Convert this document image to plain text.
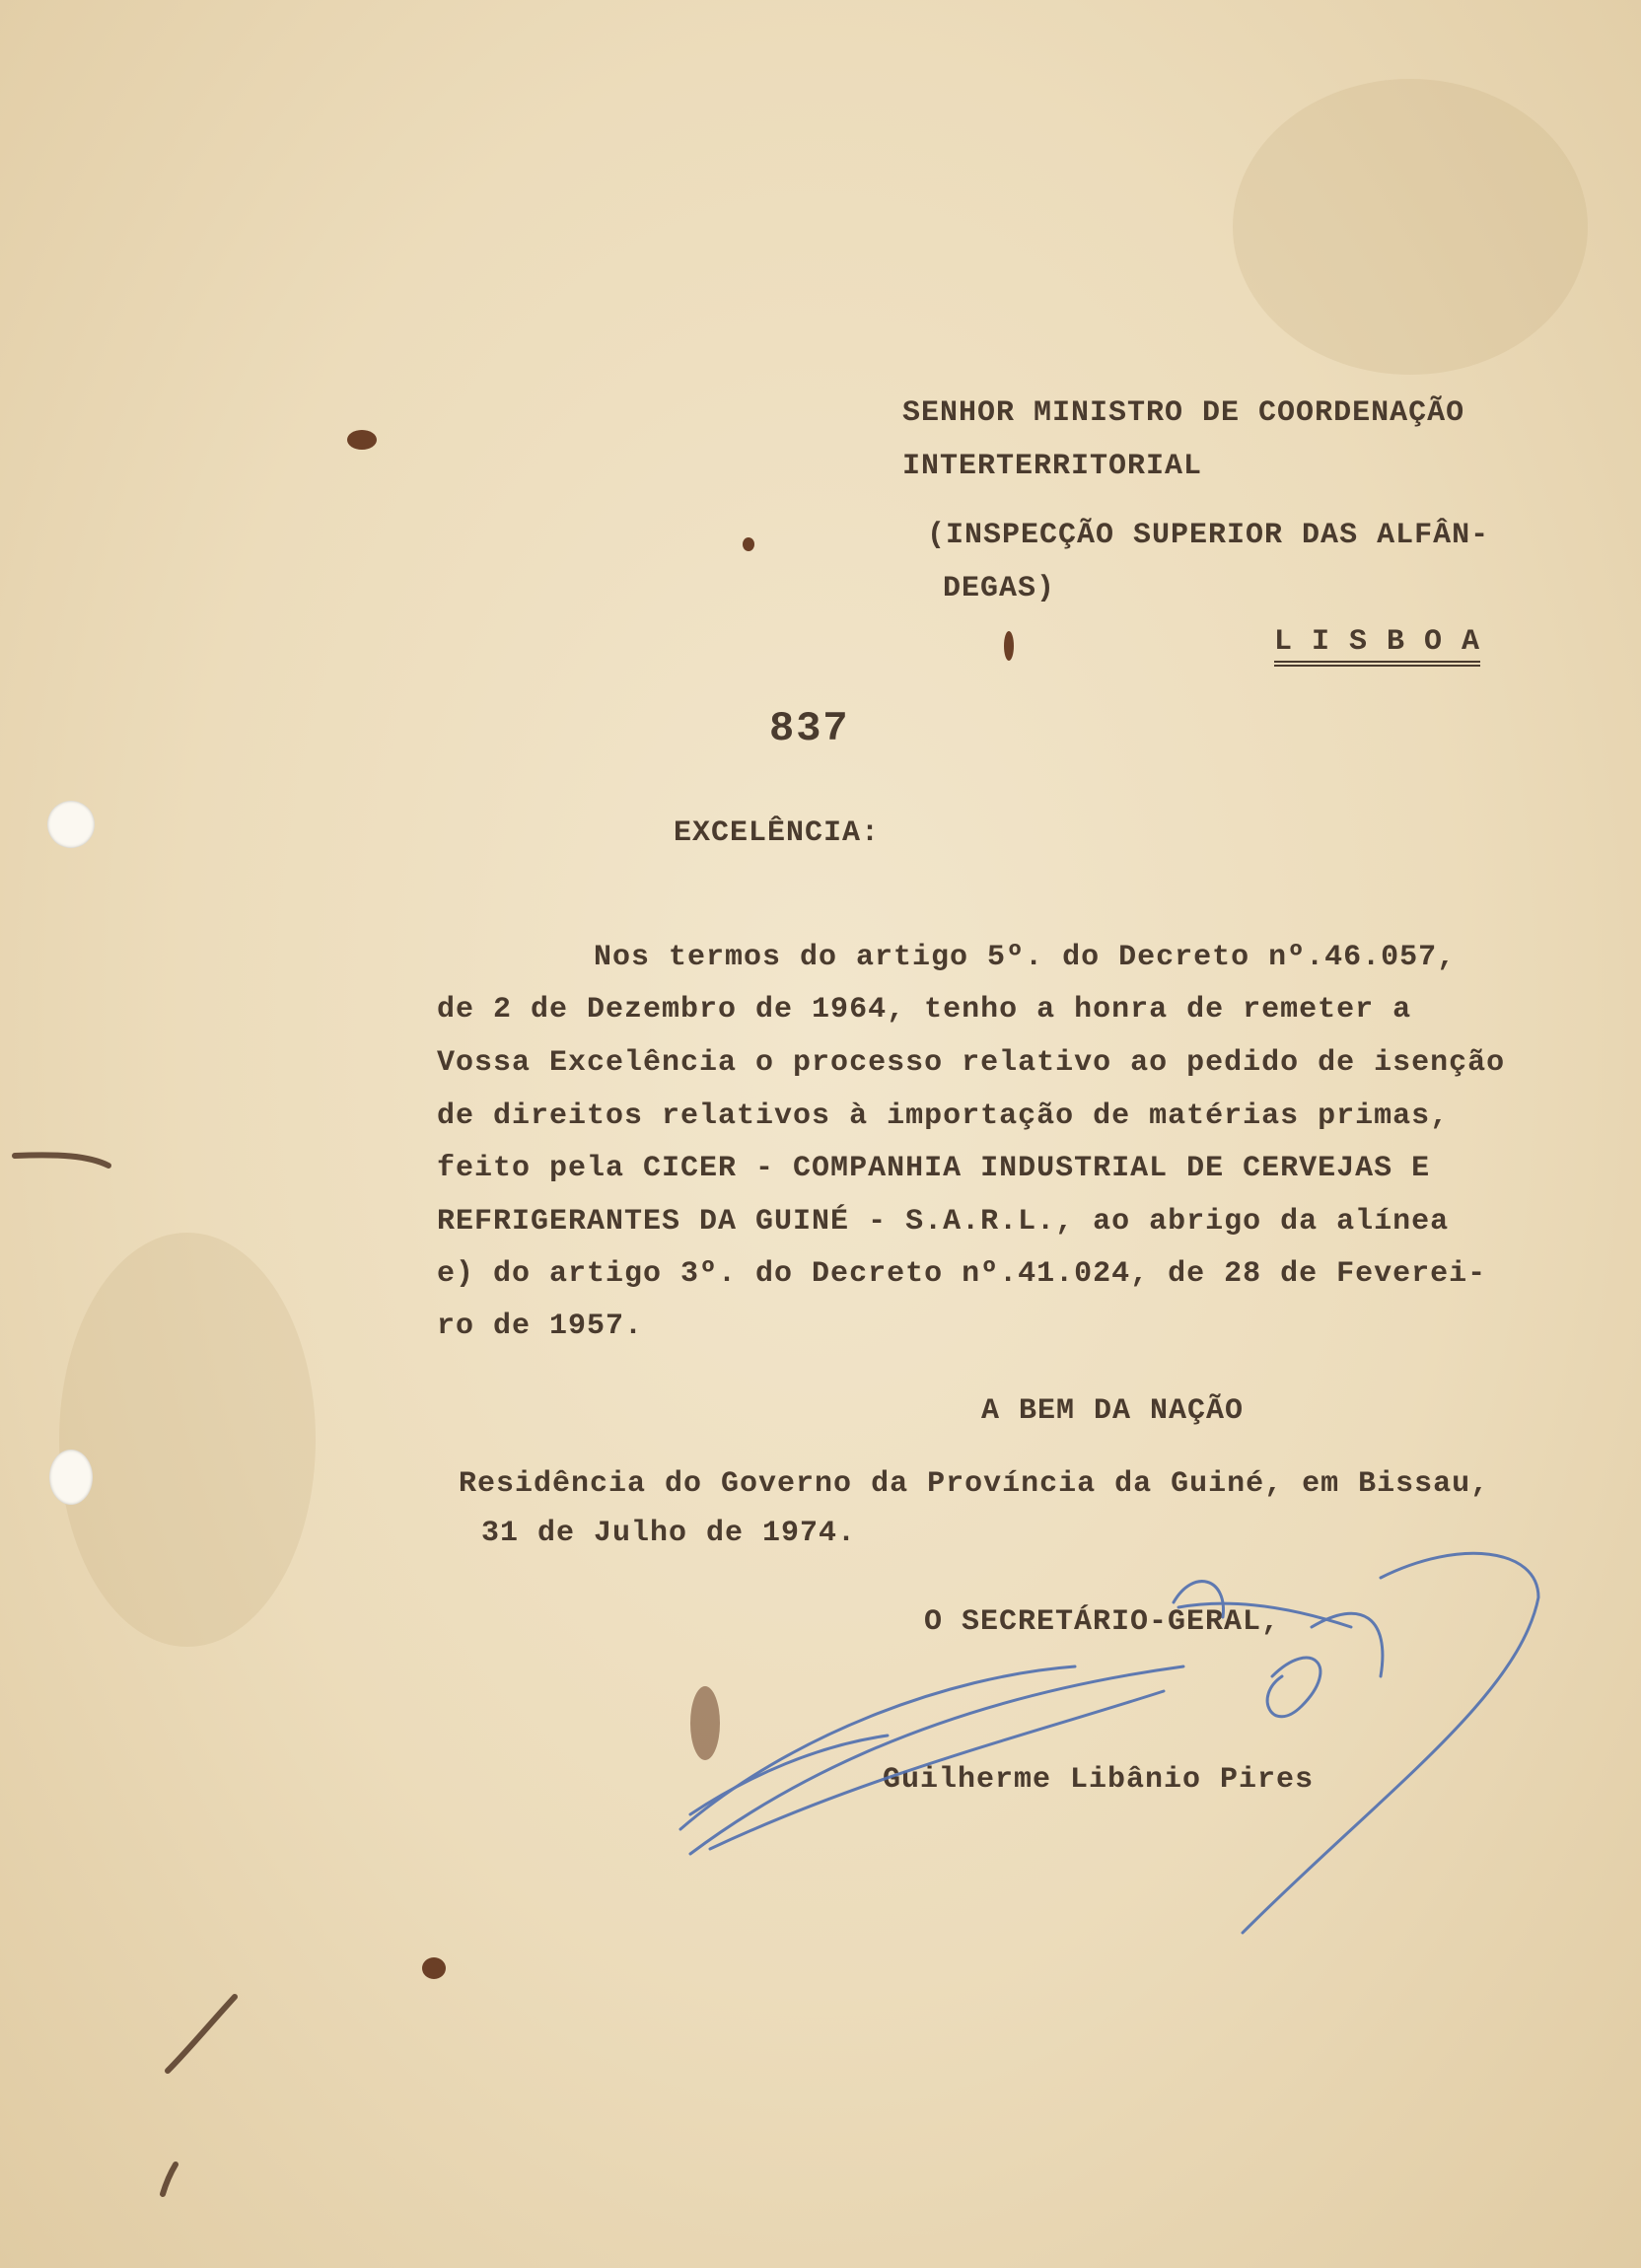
SENHOR MINISTRO DE COORDENAÇÃO
INTERTERRITORIAL
(INSPECÇÃO SUPERIOR DAS ALFÂN-
DEGAS)
L I S B O A
837
EXCELÊNCIA:
Nos termos do artigo 5º. do Decreto nº.46.057,
de 2 de Dezembro de 1964, tenho a honra de remeter a
Vossa Excelência o processo relativo ao pedido de isenção
de direitos relativos à importação de matérias primas,
feito pela CICER - COMPANHIA INDUSTRIAL DE CERVEJAS E
REFRIGERANTES DA GUINÉ - S.A.R.L., ao abrigo da alínea
e) do artigo 3º. do Decreto nº.41.024, de 28 de Feverei-
ro de 1957.
A BEM DA NAÇÃO
Residência do Governo da Província da Guiné, em Bissau,
31 de Julho de 1974.
O SECRETÁRIO-GERAL,
Guilherme Libânio Pires
